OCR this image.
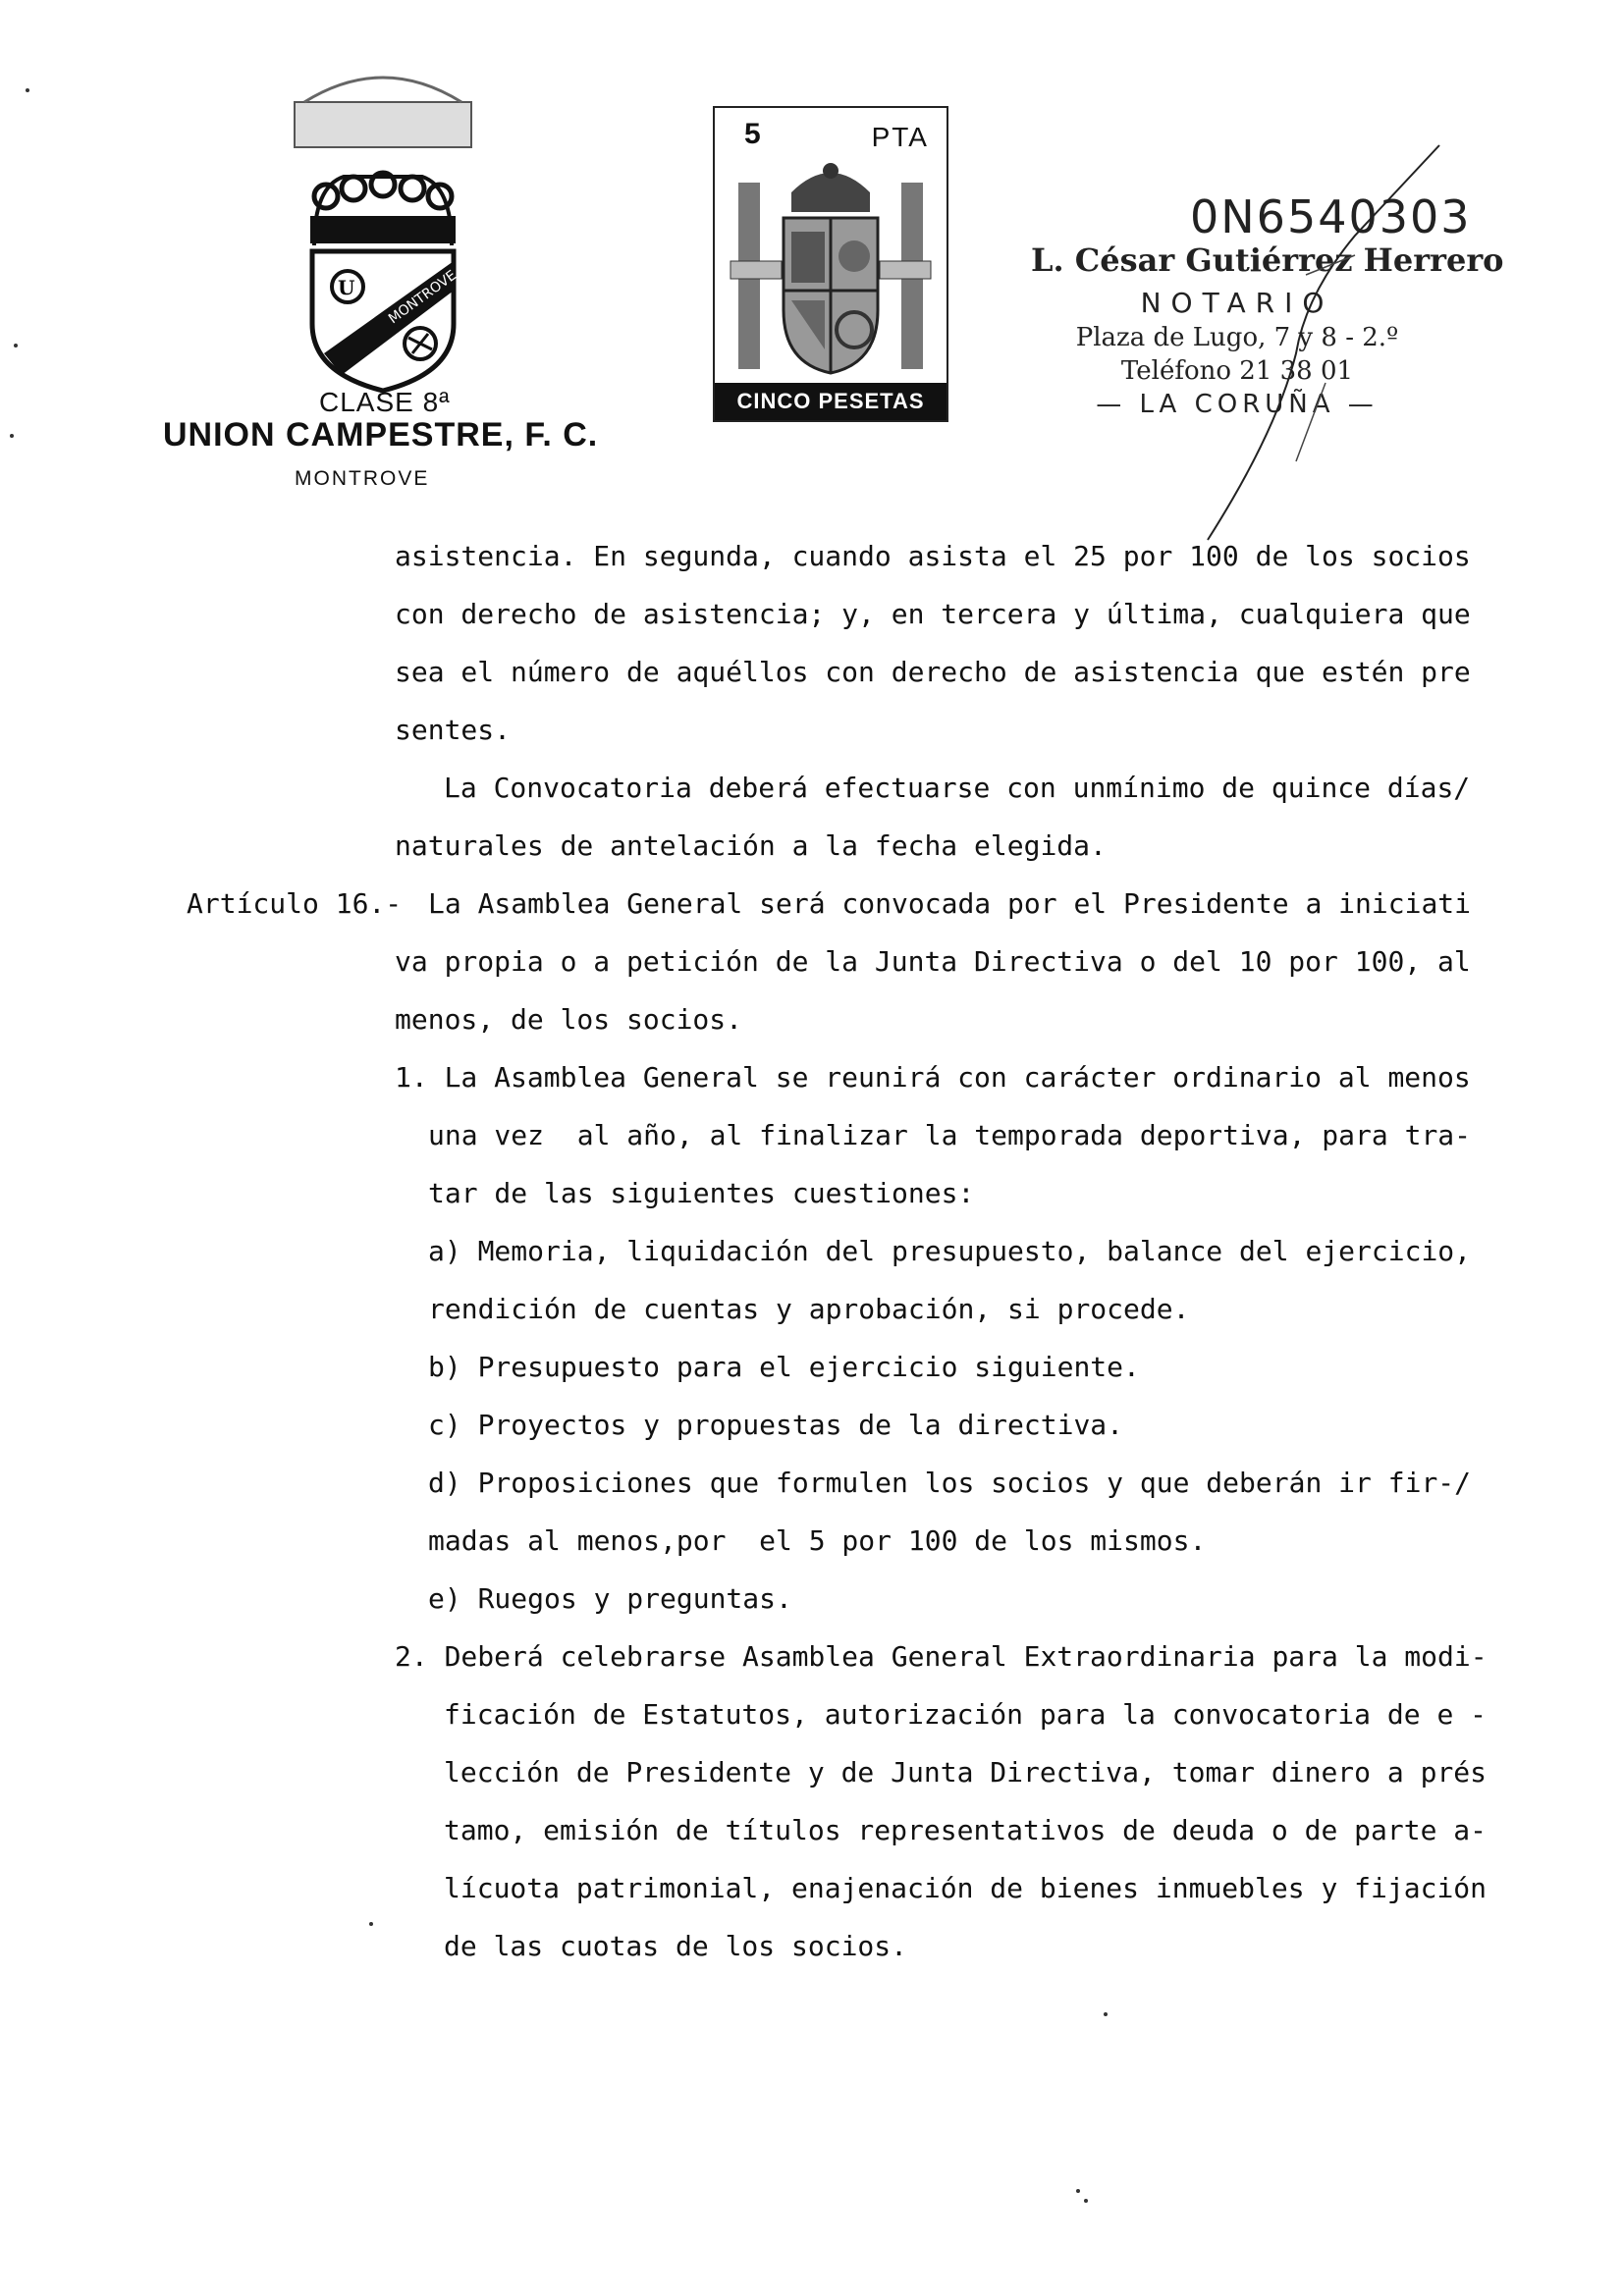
MONTROVE
U
CLASE 8ª
UNION CAMPESTRE, F. C.
MONTROVE
5	PTA
CINCO PESETAS
0N6540303
L. César Gutiérrez Herrero
NOTARIO
Plaza de Lugo, 7 y 8 - 2.º
Teléfono 21 38 01
— LA CORUÑA —
asistencia. En segunda, cuando asista el 25 por 100 de los socios
con derecho de asistencia; y, en tercera y última, cualquiera que
sea el número de aquéllos con derecho de asistencia que estén pre
sentes.
La Convocatoria deberá efectuarse con unmínimo de quince días/
naturales de antelación a la fecha elegida.
Artículo 16.- La Asamblea General será convocada por el Presidente a iniciati
va propia o a petición de la Junta Directiva o del 10 por 100, al
menos, de los socios.
1. La Asamblea General se reunirá con carácter ordinario al menos
una vez  al año, al finalizar la temporada deportiva, para tra-
tar de las siguientes cuestiones:
a) Memoria, liquidación del presupuesto, balance del ejercicio,
rendición de cuentas y aprobación, si procede.
b) Presupuesto para el ejercicio siguiente.
c) Proyectos y propuestas de la directiva.
d) Proposiciones que formulen los socios y que deberán ir fir-/
madas al menos,por  el 5 por 100 de los mismos.
e) Ruegos y preguntas.
2. Deberá celebrarse Asamblea General Extraordinaria para la modi-
ficación de Estatutos, autorización para la convocatoria de e -
lección de Presidente y de Junta Directiva, tomar dinero a prés
tamo, emisión de títulos representativos de deuda o de parte a-
lícuota patrimonial, enajenación de bienes inmuebles y fijación
de las cuotas de los socios.
